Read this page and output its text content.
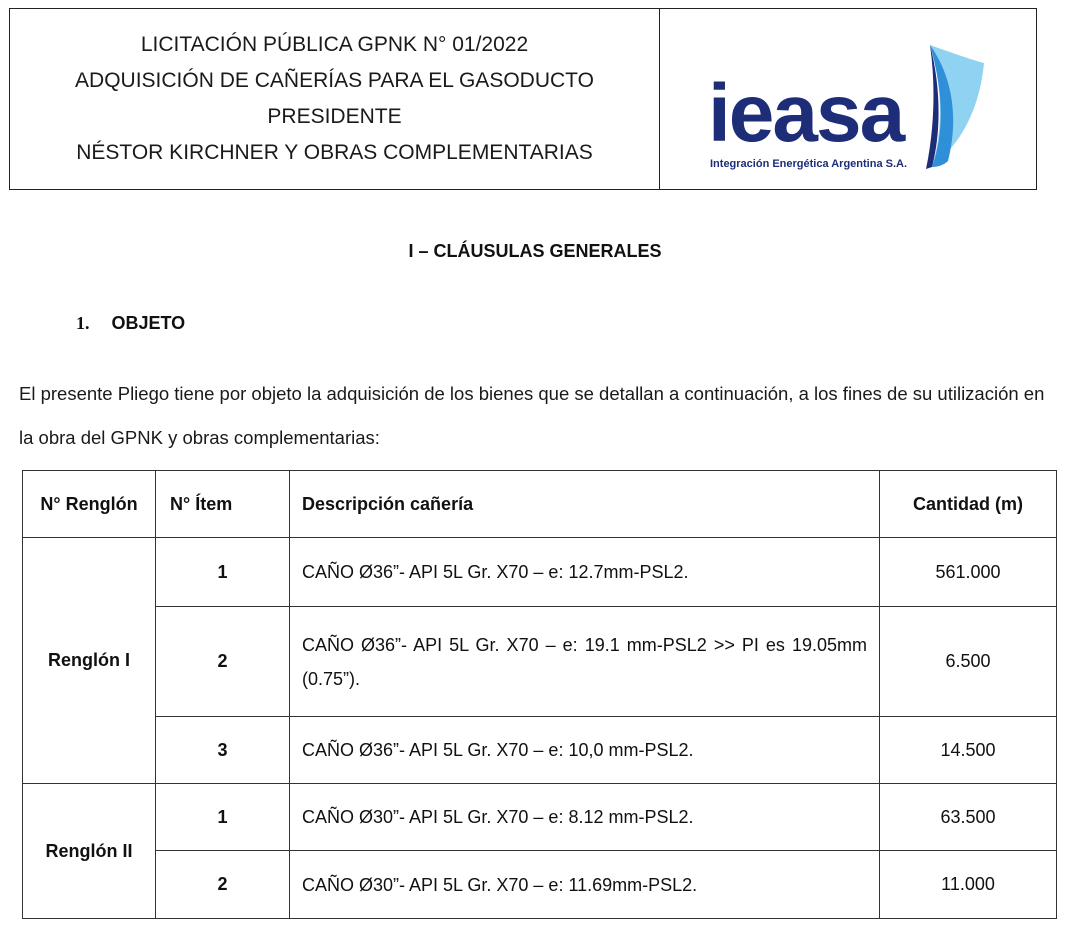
LICITACIÓN PÚBLICA GPNK N° 01/2022
ADQUISICIÓN DE CAÑERÍAS PARA EL GASODUCTO PRESIDENTE
NÉSTOR KIRCHNER Y OBRAS COMPLEMENTARIAS ieasa
Integración Energética Argentina S.A.
I – CLÁUSULAS GENERALES
1. OBJETO
El presente Pliego tiene por objeto la adquisición de los bienes que se detallan a continuación, a los fines de su utilización en la obra del GPNK y obras complementarias:
N° Renglón	N° Ítem	Descripción cañería	Cantidad (m)
Renglón I	1	CAÑO Ø36”- API 5L Gr. X70 – e: 12.7mm-PSL2.	561.000
	2	CAÑO Ø36”- API 5L Gr. X70 – e: 19.1 mm-PSL2 >> PI es 19.05mm (0.75”).	6.500
	3	CAÑO Ø36”- API 5L Gr. X70 – e: 10,0 mm-PSL2.	14.500
Renglón II	1	CAÑO Ø30”- API 5L Gr. X70 – e: 8.12 mm-PSL2.	63.500
	2	CAÑO Ø30”- API 5L Gr. X70 – e: 11.69mm-PSL2.	11.000
